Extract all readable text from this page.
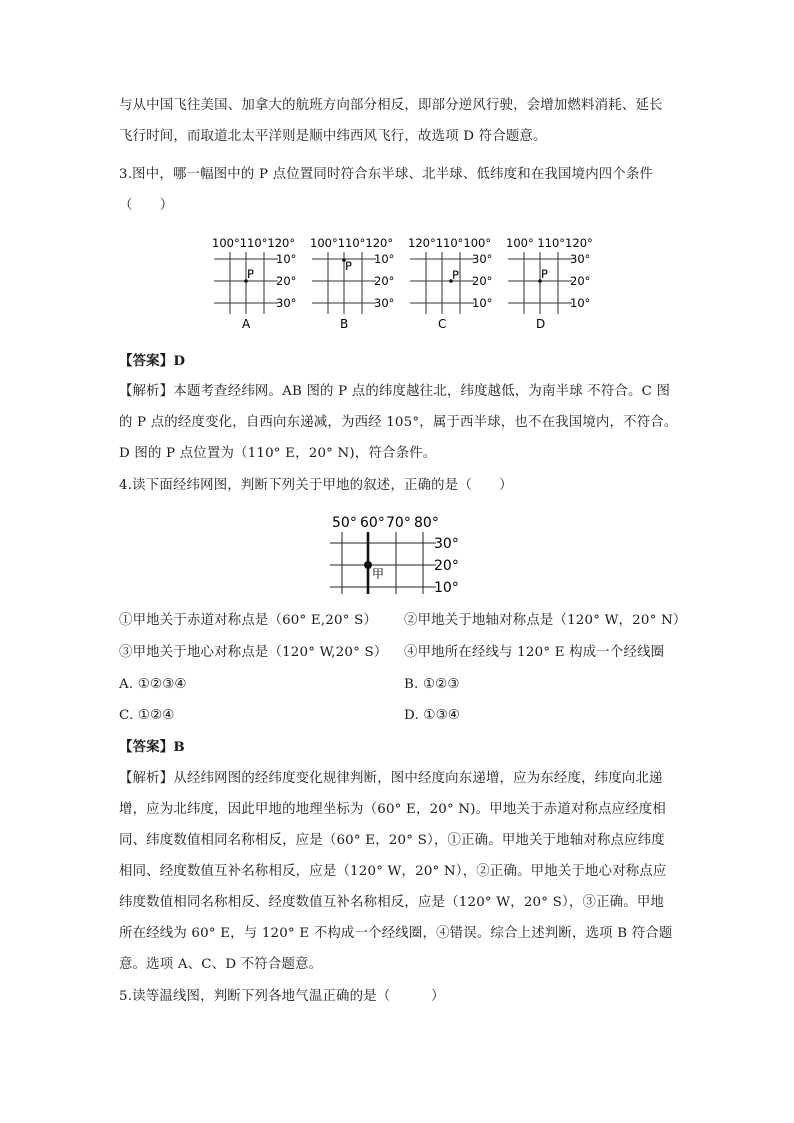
与从中国飞往美国、加拿大的航班方向部分相反，即部分逆风行驶，会增加燃料消耗、延长
飞行时间，而取道北太平洋则是顺中纬西风飞行，故选项 D 符合题意。
3.图中，哪一幅图中的 P 点位置同时符合东半球、北半球、低纬度和在我国境内四个条件
（　　）
100°110°120°
10°
20°
30°
P
A
100°110°120°
10°
20°
30°
P
B
120°110°100°
30°
20°
10°
P
C
100° 110°120°
30°
20°
10°
P
D
【答案】D
【解析】本题考查经纬网。AB 图的 P 点的纬度越往北，纬度越低，为南半球 不符合。C 图
的 P 点的经度变化，自西向东递减，为西经 105°，属于西半球，也不在我国境内，不符合。
D 图的 P 点位置为（110° E，20° N)，符合条件。
4.读下面经纬网图，判断下列关于甲地的叙述，正确的是（　　）
50° 60° 70° 80°
30°
20°
10°
甲
①甲地关于赤道对称点是（60° E,20° S） ②甲地关于地轴对称点是（120° W，20° N）
③甲地关于地心对称点是（120° W,20° S） ④甲地所在经线与 120° E 构成一个经线圈
A. ①②③④	B. ①②③
C. ①②④	D. ①③④
【答案】B
【解析】从经纬网图的经纬度变化规律判断，图中经度向东递增，应为东经度，纬度向北递
增，应为北纬度，因此甲地的地理坐标为（60° E，20° N)。甲地关于赤道对称点应经度相
同、纬度数值相同名称相反，应是（60° E，20° S），①正确。甲地关于地轴对称点应纬度
相同、经度数值互补名称相反，应是（120° W，20° N），②正确。甲地关于地心对称点应
纬度数值相同名称相反、经度数值互补名称相反，应是（120° W，20° S），③正确。甲地
所在经线为 60° E，与 120° E 不构成一个经线圈，④错误。综合上述判断，选项 B 符合题
意。选项 A、C、D 不符合题意。
5.读等温线图，判断下列各地气温正确的是（　　　）
